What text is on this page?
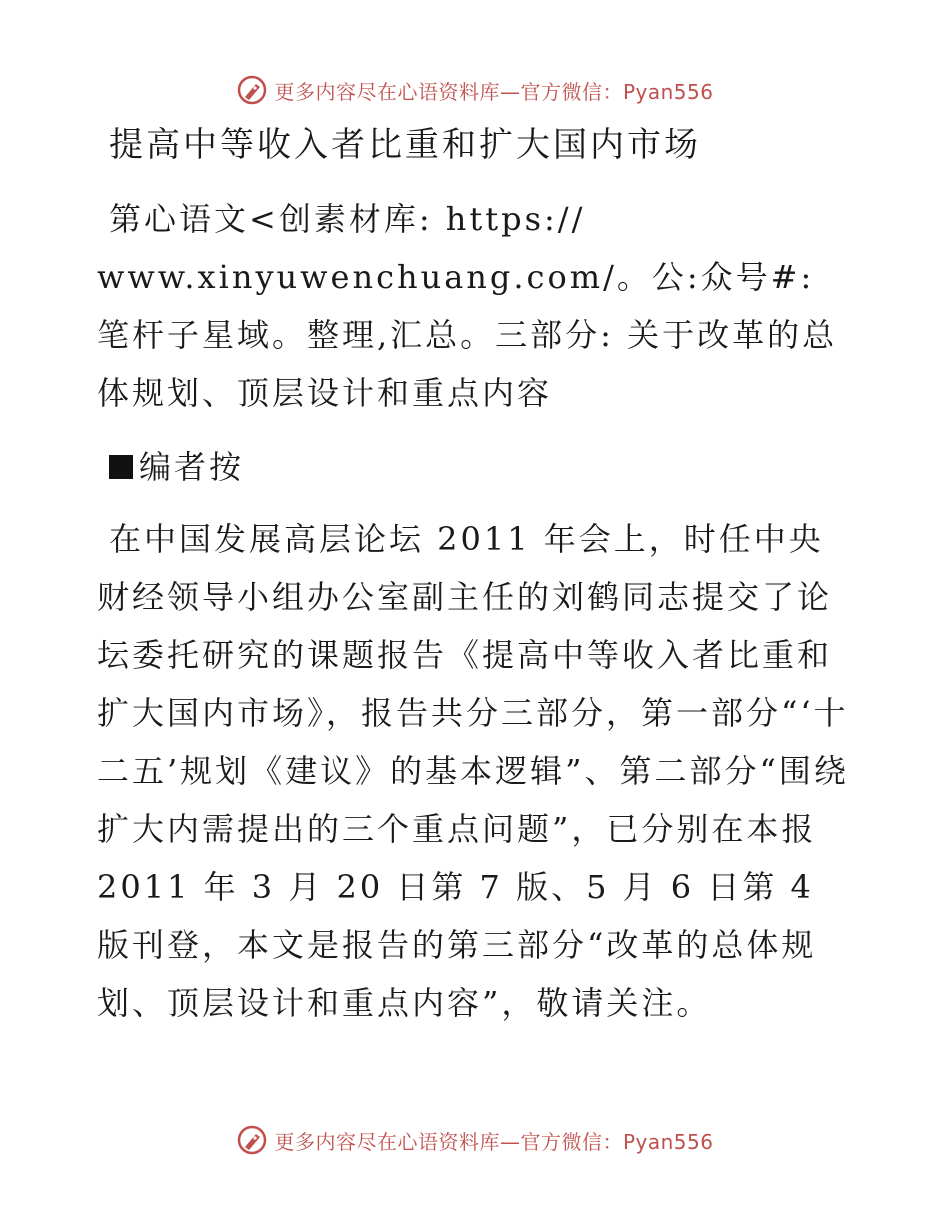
更多内容尽在心语资料库—官方微信：Pyan556
提高中等收入者比重和扩大国内市场

第心语文<创素材库: https:// www.xinyuwenchuang.com/。公:众号#: 笔杆子星域。整理,汇总。三部分: 关于改革的总体规划、顶层设计和重点内容

编者按

在中国发展高层论坛 2011 年会上，时任中央财经领导小组办公室副主任的刘鹤同志提交了论坛委托研究的课题报告《提高中等收入者比重和扩大国内市场》，报告共分三部分，第一部分“‘十二五’规划《建议》的基本逻辑”、第二部分“围绕扩大内需提出的三个重点问题”，已分别在本报 2011 年 3 月 20 日第 7 版、5 月 6 日第 4 版刊登，本文是报告的第三部分“改革的总体规划、顶层设计和重点内容”，敬请关注。

更多内容尽在心语资料库—官方微信：Pyan556
